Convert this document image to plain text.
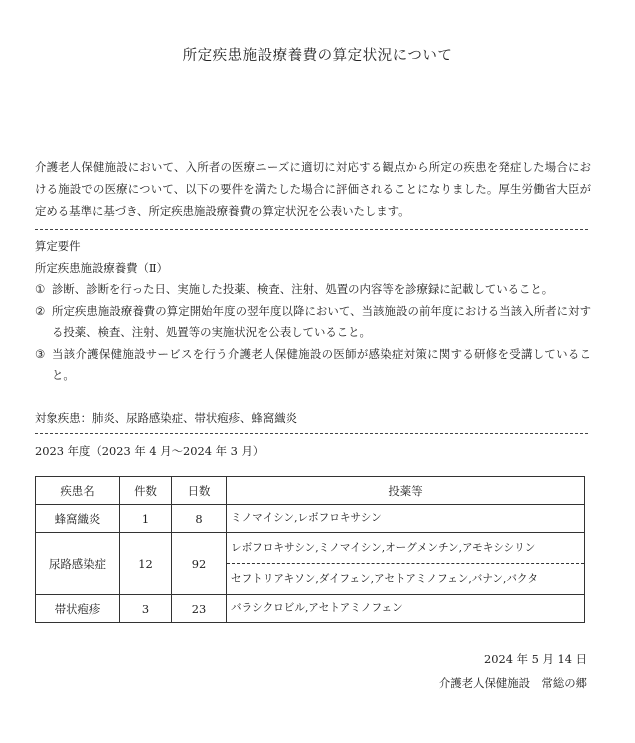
所定疾患施設療養費の算定状況について
介護老人保健施設において、入所者の医療ニーズに適切に対応する観点から所定の疾患を発症した場合における施設での医療について、以下の要件を満たした場合に評価されることになりました。厚生労働省大臣が定める基準に基づき、所定疾患施設療養費の算定状況を公表いたします。
算定要件
所定疾患施設療養費（Ⅱ）
① 診断、診断を行った日、実施した投薬、検査、注射、処置の内容等を診療録に記載していること。
② 所定疾患施設療養費の算定開始年度の翌年度以降において、当該施設の前年度における当該入所者に対する投薬、検査、注射、処置等の実施状況を公表していること。
③ 当該介護保健施設サービスを行う介護老人保健施設の医師が感染症対策に関する研修を受講していること。
対象疾患：肺炎、尿路感染症、帯状疱疹、蜂窩織炎
2023 年度（2023 年 4 月～2024 年 3 月）
疾患名	件数	日数	投薬等
蜂窩織炎	1	8	ミノマイシン,レボフロキサシン

尿路感染症	12	92	レボフロキサシン,ミノマイシン,オーグメンチン,アモキシシリン
セフトリアキソン,ダイフェン,アセトアミノフェン,バナン,バクタ

帯状疱疹	3	23	バラシクロビル,アセトアミノフェン
2024 年 5 月 14 日
介護老人保健施設　常総の郷
